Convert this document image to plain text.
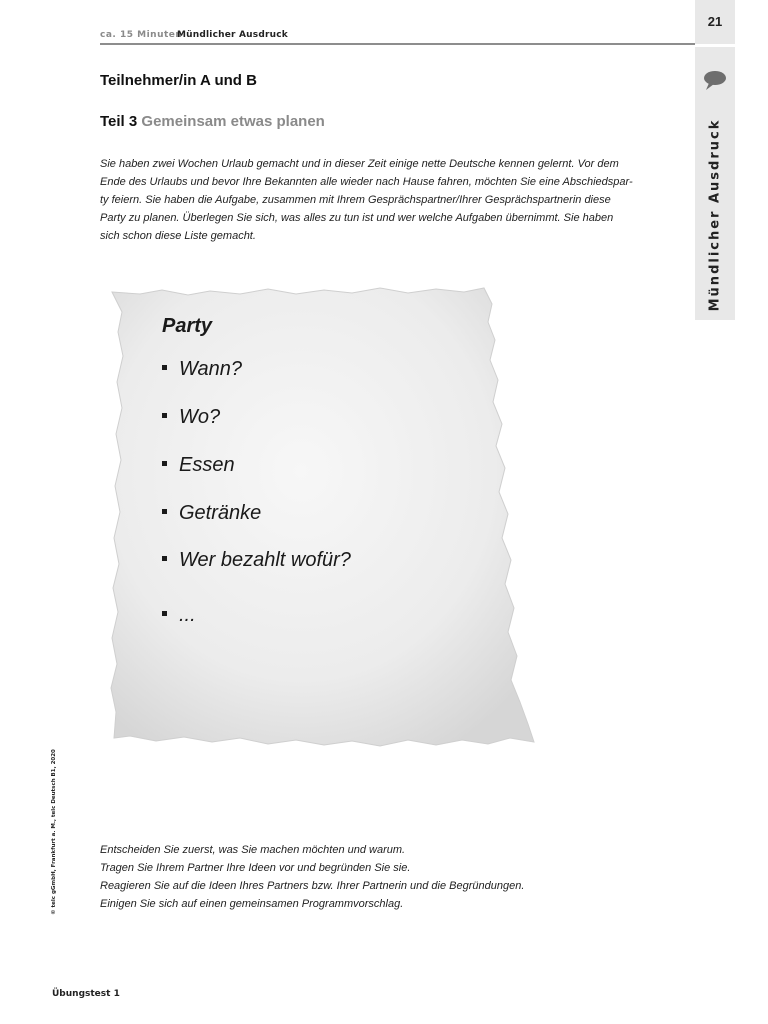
ca. 15 Minuten
Mündlicher Ausdruck
21
Mündlicher Ausdruck
Teilnehmer/in A und B
Teil 3 Gemeinsam etwas planen
Sie haben zwei Wochen Urlaub gemacht und in dieser Zeit einige nette Deutsche kennen gelernt. Vor dem
Ende des Urlaubs und bevor Ihre Bekannten alle wieder nach Hause fahren, möchten Sie eine Abschiedspar-
ty feiern. Sie haben die Aufgabe, zusammen mit Ihrem Gesprächspartner/Ihrer Gesprächspartnerin diese
Party zu planen. Überlegen Sie sich, was alles zu tun ist und wer welche Aufgaben übernimmt. Sie haben
sich schon diese Liste gemacht.
Party
Wann?
Wo?
Essen
Getränke
Wer bezahlt wofür?
...
Entscheiden Sie zuerst, was Sie machen möchten und warum.
Tragen Sie Ihrem Partner Ihre Ideen vor und begründen Sie sie.
Reagieren Sie auf die Ideen Ihres Partners bzw. Ihrer Partnerin und die Begründungen.
Einigen Sie sich auf einen gemeinsamen Programmvorschlag.
© telc gGmbH, Frankfurt a. M., telc Deutsch B1, 2020
Übungstest 1
